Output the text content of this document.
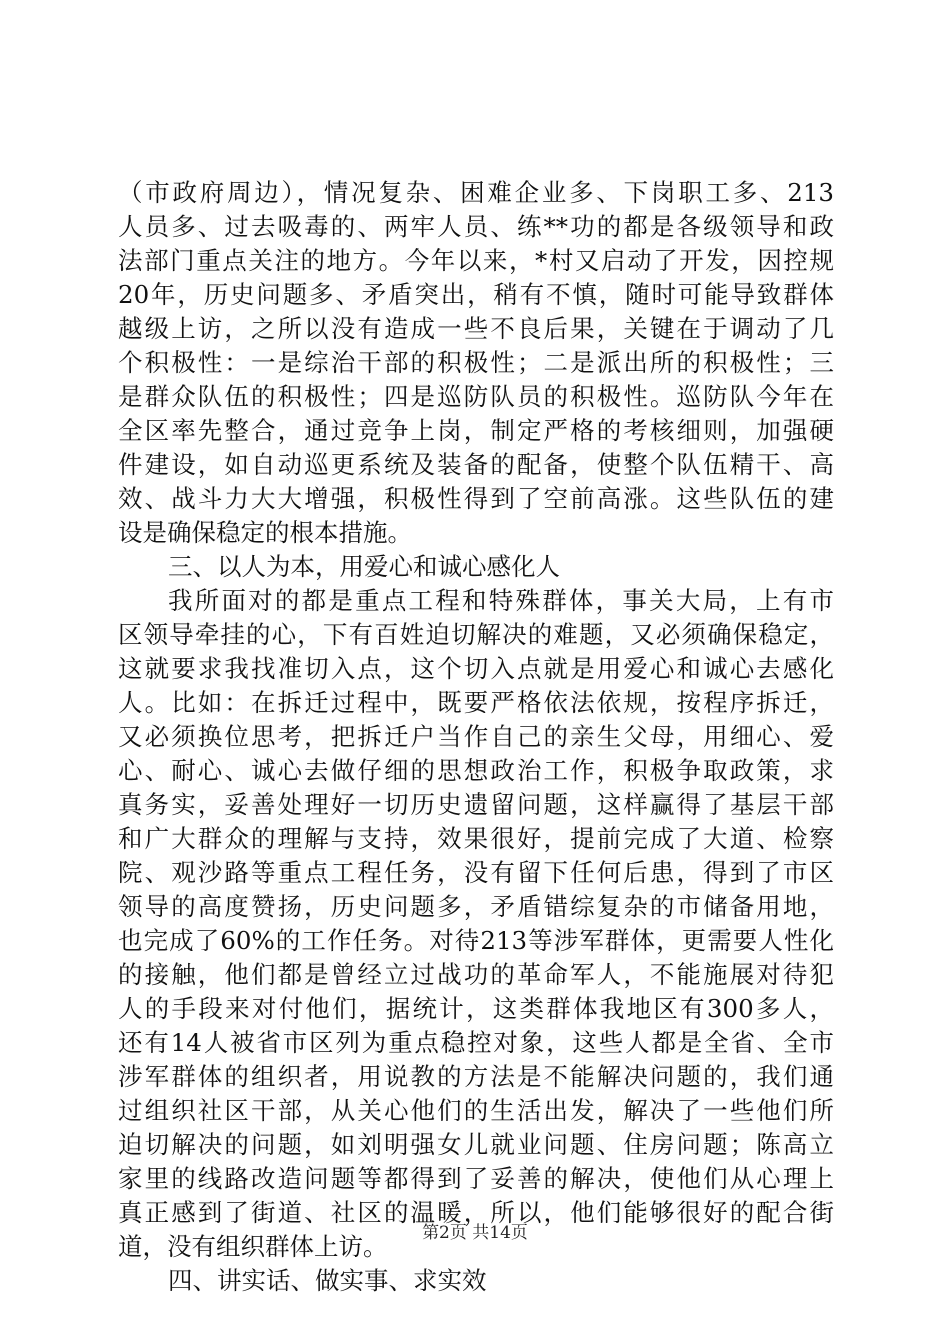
（市政府周边），情况复杂、困难企业多、下岗职工多、213
人员多、过去吸毒的、两牢人员、练**功的都是各级领导和政
法部门重点关注的地方。今年以来，*村又启动了开发，因控规
20年，历史问题多、矛盾突出，稍有不慎，随时可能导致群体
越级上访，之所以没有造成一些不良后果，关键在于调动了几
个积极性：一是综治干部的积极性；二是派出所的积极性；三
是群众队伍的积极性；四是巡防队员的积极性。巡防队今年在
全区率先整合，通过竞争上岗，制定严格的考核细则，加强硬
件建设，如自动巡更系统及装备的配备，使整个队伍精干、高
效、战斗力大大增强，积极性得到了空前高涨。这些队伍的建
设是确保稳定的根本措施。
三、以人为本，用爱心和诚心感化人
我所面对的都是重点工程和特殊群体，事关大局，上有市
区领导牵挂的心，下有百姓迫切解决的难题，又必须确保稳定，
这就要求我找准切入点，这个切入点就是用爱心和诚心去感化
人。比如：在拆迁过程中，既要严格依法依规，按程序拆迁，
又必须换位思考，把拆迁户当作自己的亲生父母，用细心、爱
心、耐心、诚心去做仔细的思想政治工作，积极争取政策，求
真务实，妥善处理好一切历史遗留问题，这样赢得了基层干部
和广大群众的理解与支持，效果很好，提前完成了大道、检察
院、观沙路等重点工程任务，没有留下任何后患，得到了市区
领导的高度赞扬，历史问题多，矛盾错综复杂的市储备用地，
也完成了60%的工作任务。对待213等涉军群体，更需要人性化
的接触，他们都是曾经立过战功的革命军人，不能施展对待犯
人的手段来对付他们，据统计，这类群体我地区有300多人，
还有14人被省市区列为重点稳控对象，这些人都是全省、全市
涉军群体的组织者，用说教的方法是不能解决问题的，我们通
过组织社区干部，从关心他们的生活出发，解决了一些他们所
迫切解决的问题，如刘明强女儿就业问题、住房问题；陈高立
家里的线路改造问题等都得到了妥善的解决，使他们从心理上
真正感到了街道、社区的温暖，所以，他们能够很好的配合街
道，没有组织群体上访。
四、讲实话、做实事、求实效
第2页 共14页
